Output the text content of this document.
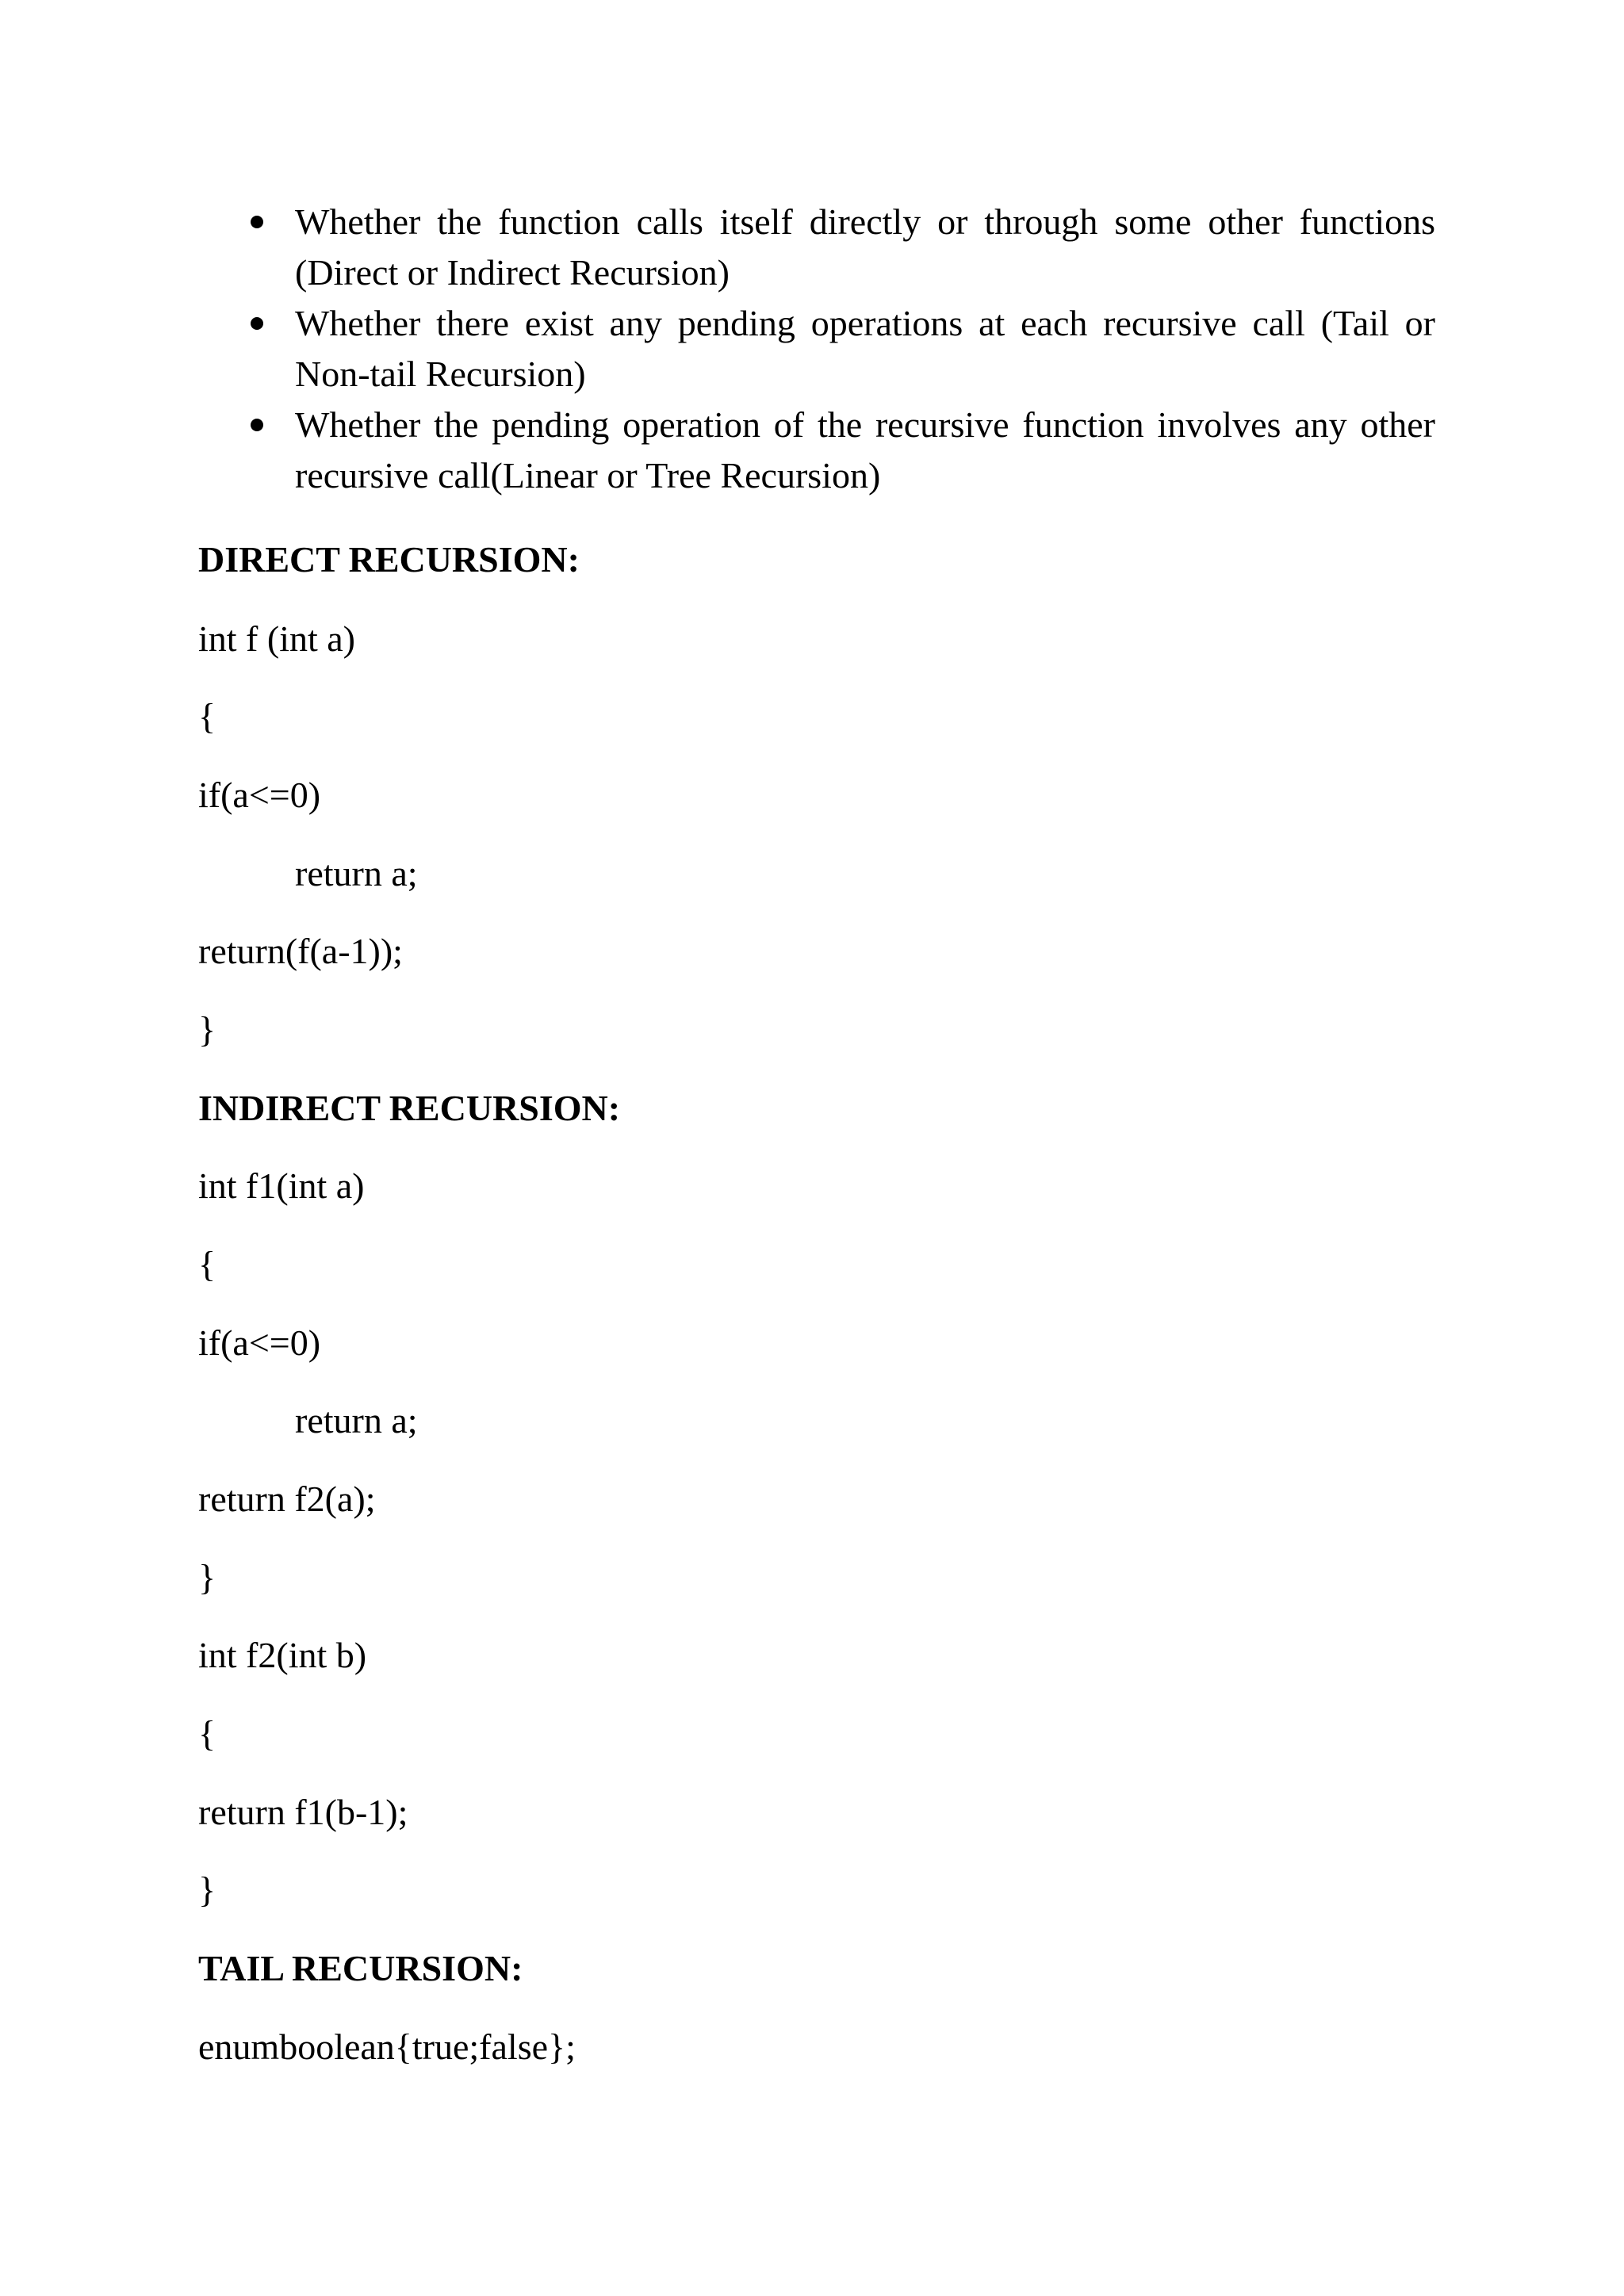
Whether the function calls itself directly or through some other functions (Direct or Indirect Recursion)
Whether there exist any pending operations at each recursive call (Tail or Non-tail Recursion)
Whether the pending operation of the recursive function involves any other recursive call(Linear or Tree Recursion)
DIRECT RECURSION:
int f (int a)
{
if(a<=0)
return a;
return(f(a-1));
}
INDIRECT RECURSION:
int f1(int a)
{
if(a<=0)
return a;
return f2(a);
}
int f2(int b)
{
return f1(b-1);
}
TAIL RECURSION:
enumboolean{true;false};
